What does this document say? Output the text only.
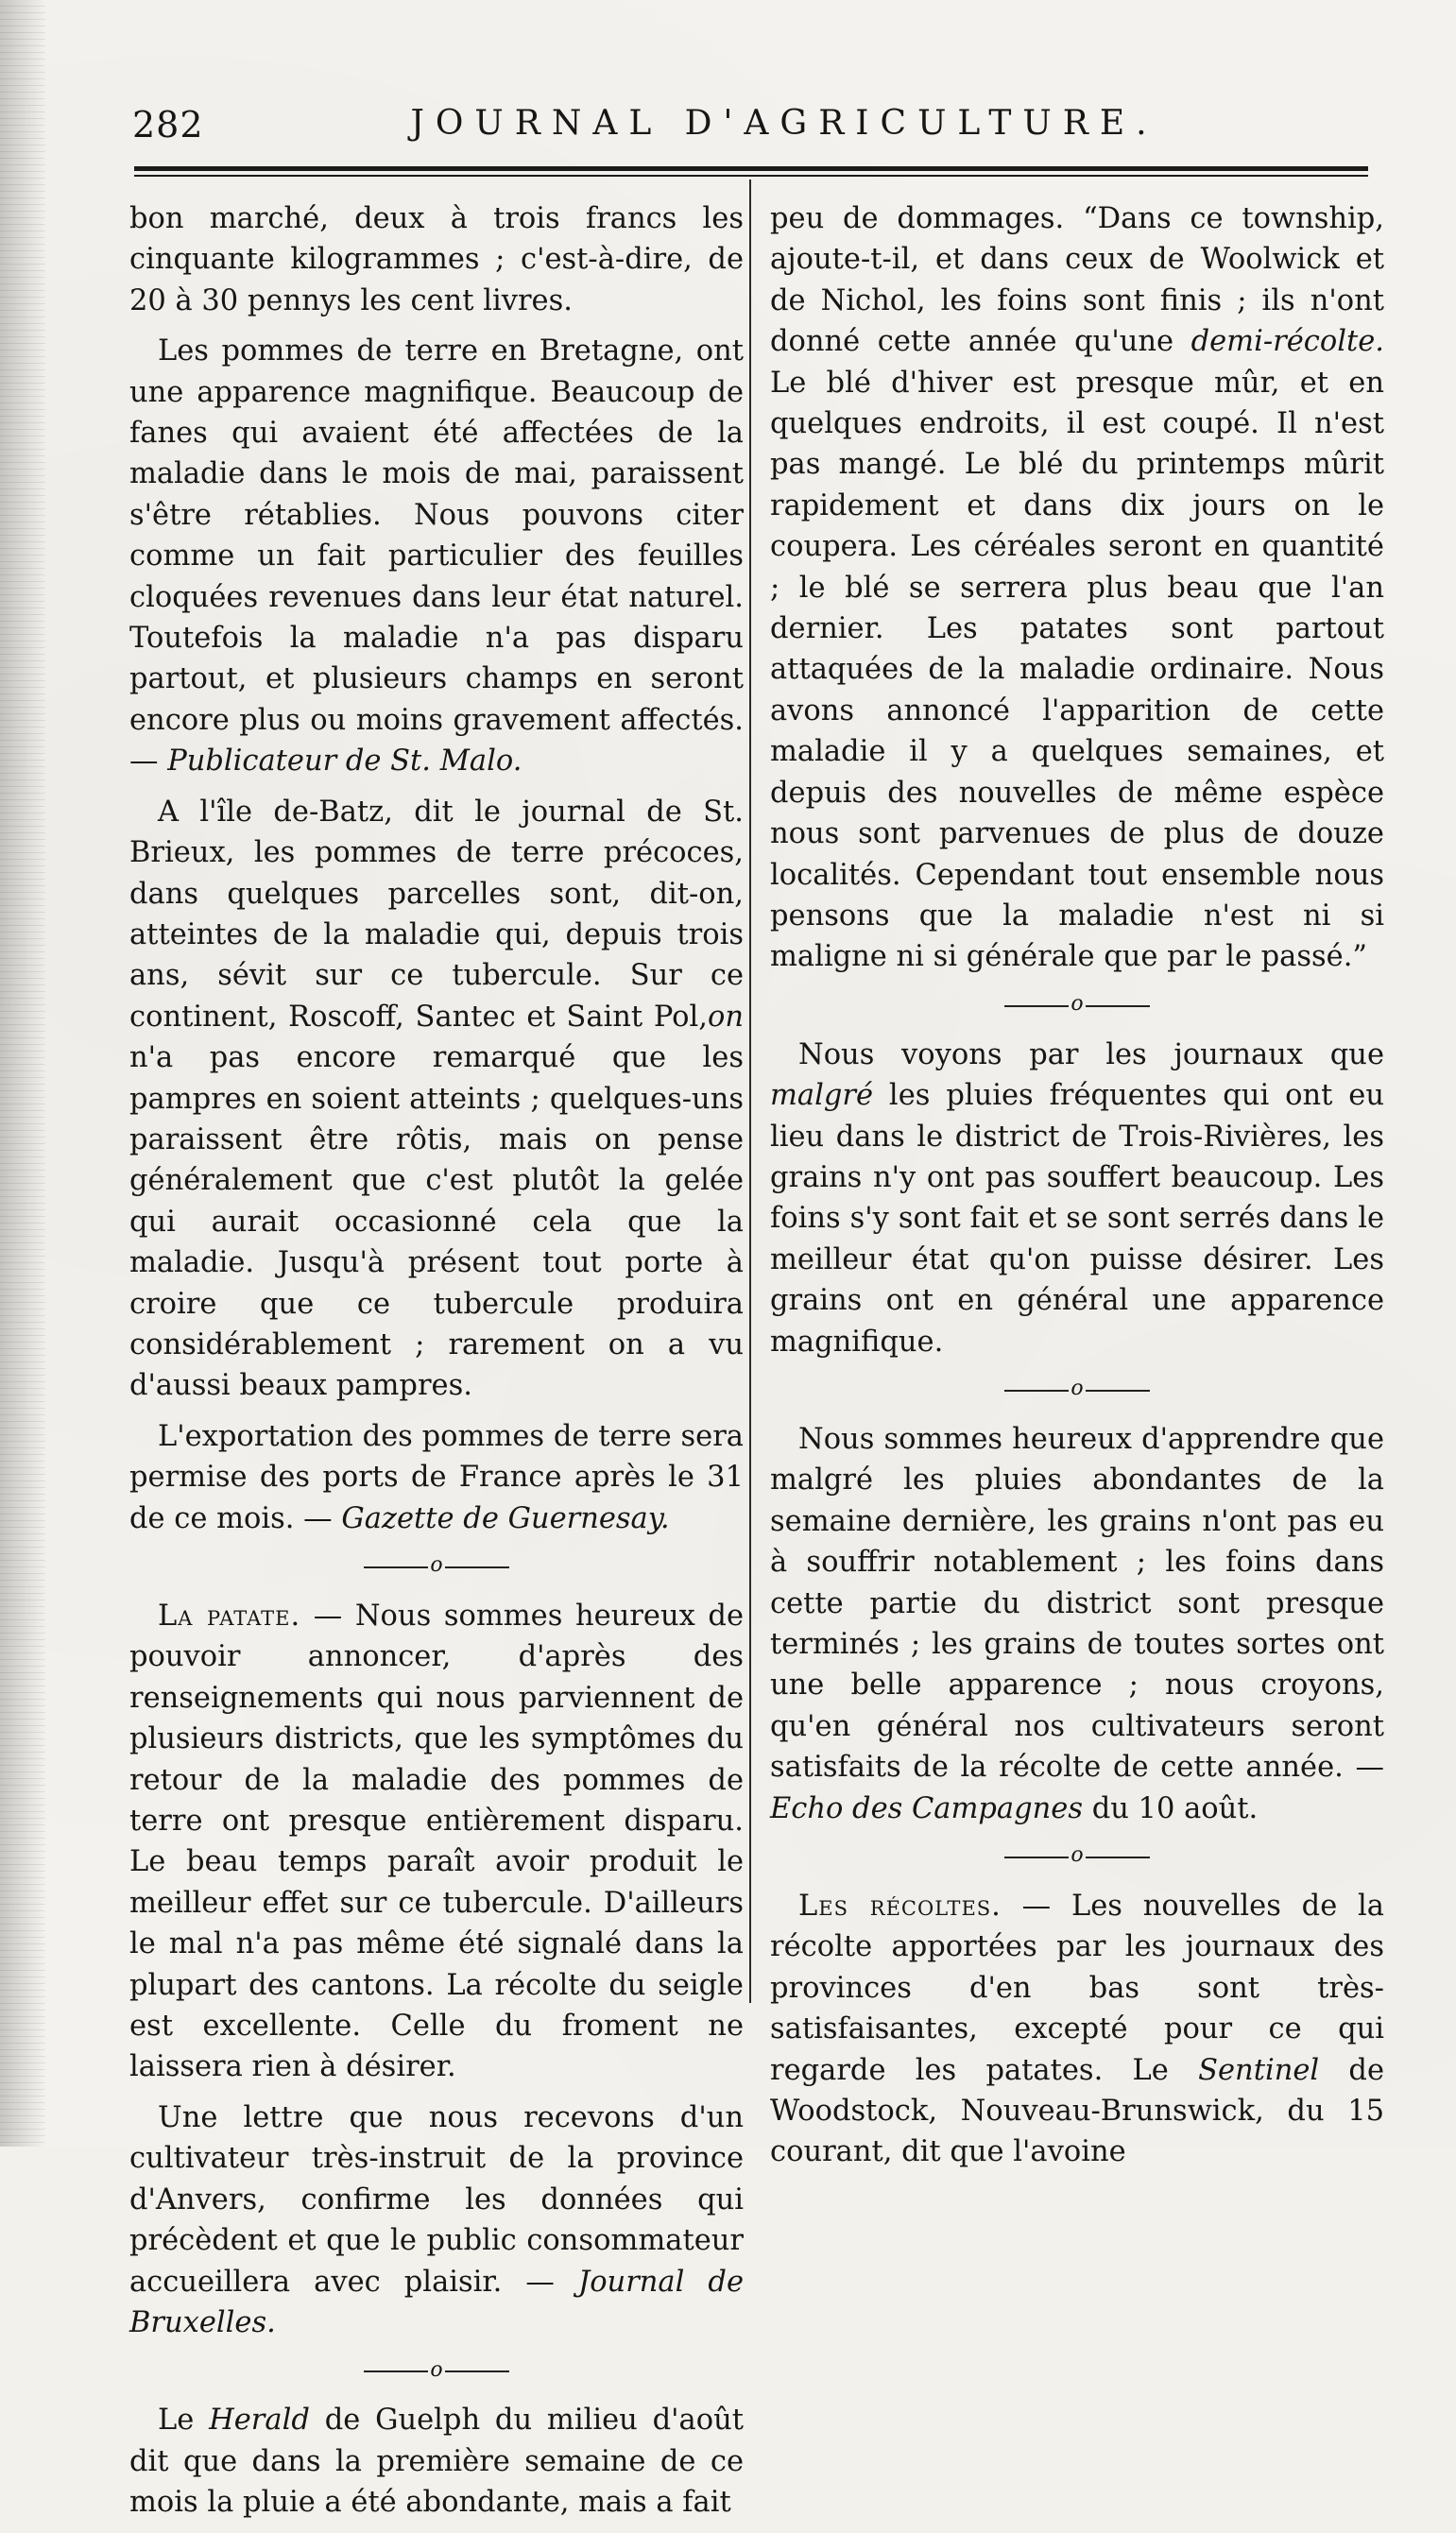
282	JOURNAL D'AGRICULTURE.

bon marché, deux à trois francs les cinquante kilogrammes ; c'est-à-dire, de 20 à 30 pennys les cent livres.

Les pommes de terre en Bretagne, ont une apparence magnifique. Beaucoup de fanes qui avaient été affectées de la maladie dans le mois de mai, paraissent s'être rétablies. Nous pouvons citer comme un fait particulier des feuilles cloquées revenues dans leur état naturel. Toutefois la maladie n'a pas disparu partout, et plusieurs champs en seront encore plus ou moins gravement affectés. — Publicateur de St. Malo.

A l'île de-Batz, dit le journal de St. Brieux, les pommes de terre précoces, dans quelques parcelles sont, dit-on, atteintes de la maladie qui, depuis trois ans, sévit sur ce tubercule. Sur ce continent, Roscoff, Santec et Saint Pol,on n'a pas encore remarqué que les pampres en soient atteints ; quelques-uns paraissent être rôtis, mais on pense généralement que c'est plutôt la gelée qui aurait occasionné cela que la maladie. Jusqu'à présent tout porte à croire que ce tubercule produira considérablement ; rarement on a vu d'aussi beaux pampres.

L'exportation des pommes de terre sera permise des ports de France après le 31 de ce mois. — Gazette de Guernesay.

o

La patate. — Nous sommes heureux de pouvoir annoncer, d'après des renseignements qui nous parviennent de plusieurs districts, que les symptômes du retour de la maladie des pommes de terre ont presque entièrement disparu. Le beau temps paraît avoir produit le meilleur effet sur ce tubercule. D'ailleurs le mal n'a pas même été signalé dans la plupart des cantons. La récolte du seigle est excellente. Celle du froment ne laissera rien à désirer.

Une lettre que nous recevons d'un cultivateur très-instruit de la province d'Anvers, confirme les données qui précèdent et que le public consommateur accueillera avec plaisir. — Journal de Bruxelles.

o

Le Herald de Guelph du milieu d'août dit que dans la première semaine de ce mois la pluie a été abondante, mais a fait

peu de dommages. “Dans ce township, ajoute-t-il, et dans ceux de Woolwick et de Nichol, les foins sont finis ; ils n'ont donné cette année qu'une demi-récolte. Le blé d'hiver est presque mûr, et en quelques endroits, il est coupé. Il n'est pas mangé. Le blé du printemps mûrit rapidement et dans dix jours on le coupera. Les céréales seront en quantité ; le blé se serrera plus beau que l'an dernier. Les patates sont partout attaquées de la maladie ordinaire. Nous avons annoncé l'apparition de cette maladie il y a quelques semaines, et depuis des nouvelles de même espèce nous sont parvenues de plus de douze localités. Cependant tout ensemble nous pensons que la maladie n'est ni si maligne ni si générale que par le passé.”

o

Nous voyons par les journaux que malgré les pluies fréquentes qui ont eu lieu dans le district de Trois-Rivières, les grains n'y ont pas souffert beaucoup. Les foins s'y sont fait et se sont serrés dans le meilleur état qu'on puisse désirer. Les grains ont en général une apparence magnifique.

o

Nous sommes heureux d'apprendre que malgré les pluies abondantes de la semaine dernière, les grains n'ont pas eu à souffrir notablement ; les foins dans cette partie du district sont presque terminés ; les grains de toutes sortes ont une belle apparence ; nous croyons, qu'en général nos cultivateurs seront satisfaits de la récolte de cette année. — Echo des Campagnes du 10 août.

o

Les récoltes. — Les nouvelles de la récolte apportées par les journaux des provinces d'en bas sont très-satisfaisantes, excepté pour ce qui regarde les patates. Le Sentinel de Woodstock, Nouveau-Brunswick, du 15 courant, dit que l'avoine
